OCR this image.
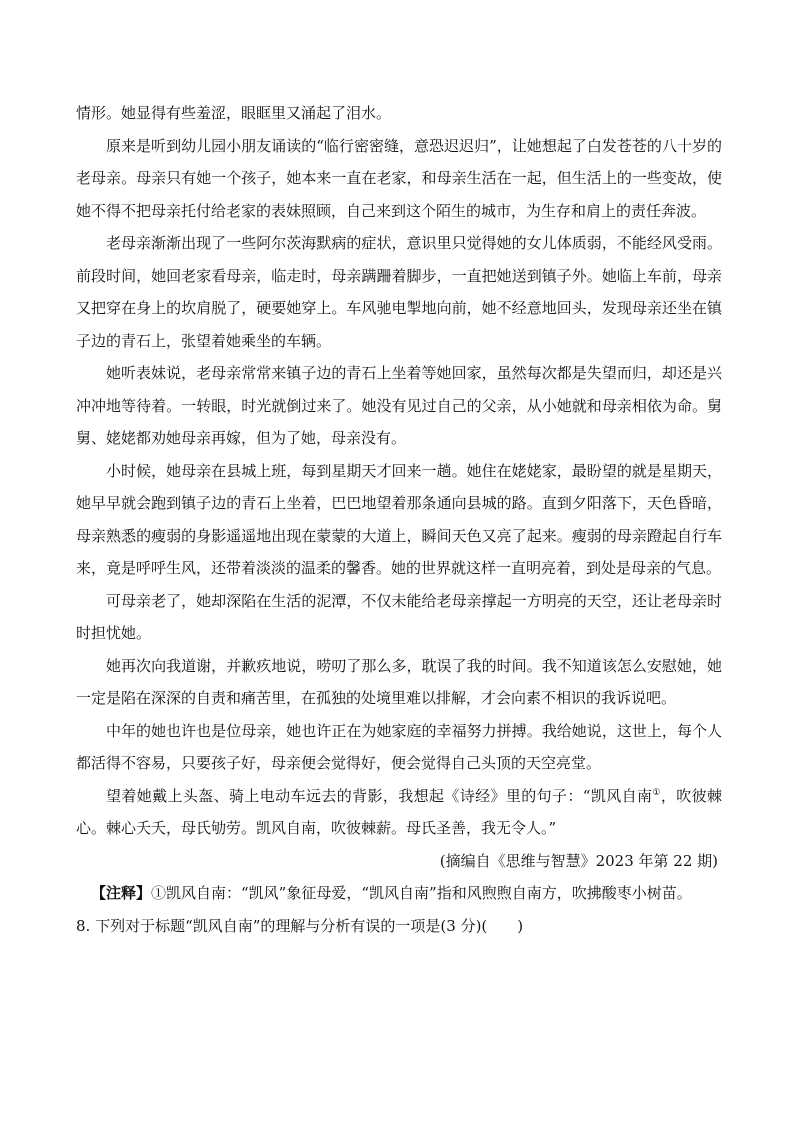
情形。她显得有些羞涩，眼眶里又涌起了泪水。

原来是听到幼儿园小朋友诵读的“临行密密缝，意恐迟迟归”，让她想起了白发苍苍的八十岁的老母亲。母亲只有她一个孩子，她本来一直在老家，和母亲生活在一起，但生活上的一些变故，使她不得不把母亲托付给老家的表妹照顾，自己来到这个陌生的城市，为生存和肩上的责任奔波。

老母亲渐渐出现了一些阿尔茨海默病的症状，意识里只觉得她的女儿体质弱，不能经风受雨。前段时间，她回老家看母亲，临走时，母亲蹒跚着脚步，一直把她送到镇子外。她临上车前，母亲又把穿在身上的坎肩脱了，硬要她穿上。车风驰电掣地向前，她不经意地回头，发现母亲还坐在镇子边的青石上，张望着她乘坐的车辆。

她听表妹说，老母亲常常来镇子边的青石上坐着等她回家，虽然每次都是失望而归，却还是兴冲冲地等待着。一转眼，时光就倒过来了。她没有见过自己的父亲，从小她就和母亲相依为命。舅舅、姥姥都劝她母亲再嫁，但为了她，母亲没有。

小时候，她母亲在县城上班，每到星期天才回来一趟。她住在姥姥家，最盼望的就是星期天，她早早就会跑到镇子边的青石上坐着，巴巴地望着那条通向县城的路。直到夕阳落下，天色昏暗，母亲熟悉的瘦弱的身影遥遥地出现在蒙蒙的大道上，瞬间天色又亮了起来。瘦弱的母亲蹬起自行车来，竟是呼呼生风，还带着淡淡的温柔的馨香。她的世界就这样一直明亮着，到处是母亲的气息。

可母亲老了，她却深陷在生活的泥潭，不仅未能给老母亲撑起一方明亮的天空，还让老母亲时时担忧她。

她再次向我道谢，并歉疚地说，唠叨了那么多，耽误了我的时间。我不知道该怎么安慰她，她一定是陷在深深的自责和痛苦里，在孤独的处境里难以排解，才会向素不相识的我诉说吧。

中年的她也许也是位母亲，她也许正在为她家庭的幸福努力拼搏。我给她说，这世上，每个人都活得不容易，只要孩子好，母亲便会觉得好，便会觉得自己头顶的天空亮堂。

望着她戴上头盔、骑上电动车远去的背影，我想起《诗经》里的句子：“凯风自南①，吹彼棘心。棘心夭夭，母氏劬劳。凯风自南，吹彼棘薪。母氏圣善，我无令人。”

(摘编自《思维与智慧》2023 年第 22 期)

【注释】①凯风自南：“凯风”象征母爱，“凯风自南”指和风煦煦自南方，吹拂酸枣小树苗。

8. 下列对于标题“凯风自南”的理解与分析有误的一项是(3 分)(　　)
